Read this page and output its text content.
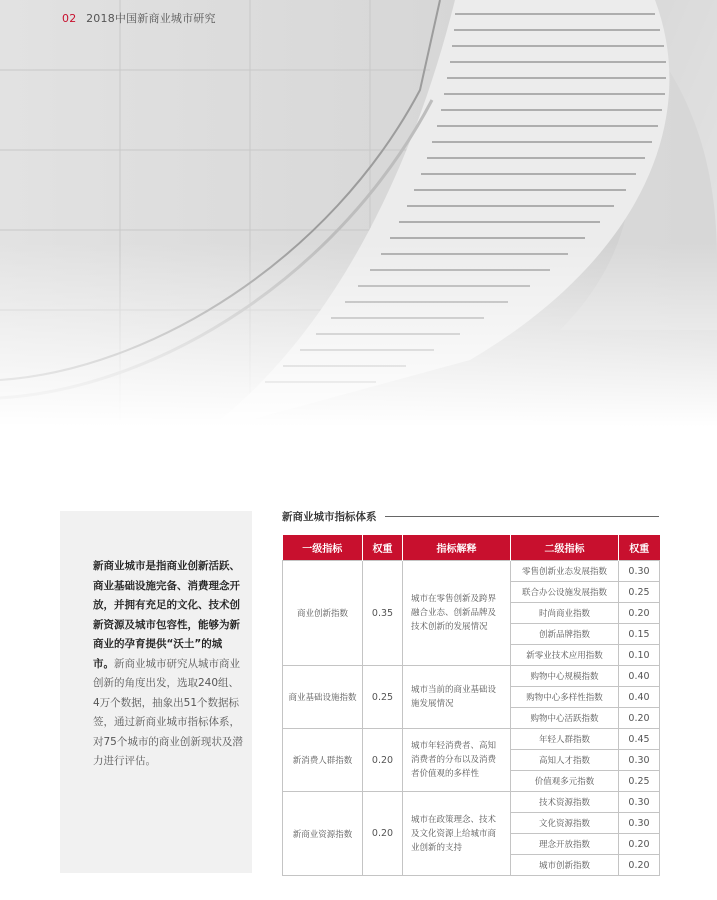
02 2018中国新商业城市研究

新商业城市是指商业创新活跃、商业基础设施完备、消费理念开放，并拥有充足的文化、技术创新资源及城市包容性，能够为新商业的孕育提供“沃土”的城市。新商业城市研究从城市商业创新的角度出发，选取240组、4万个数据，抽象出51个数据标签，通过新商业城市指标体系，对75个城市的商业创新现状及潜力进行评估。

新商业城市指标体系
一级指标	权重	指标解释	二级指标	权重
商业创新指数	0.35	城市在零售创新及跨界融合业态、创新品牌及技术创新的发展情况	零售创新业态发展指数	0.30
			联合办公设施发展指数	0.25
			时尚商业指数	0.20
			创新品牌指数	0.15
			新零业技术应用指数	0.10
商业基础设施指数	0.25	城市当前的商业基础设施发展情况	购物中心规模指数	0.40
			购物中心多样性指数	0.40
			购物中心活跃指数	0.20
新消费人群指数	0.20	城市年轻消费者、高知消费者的分布以及消费者价值观的多样性	年轻人群指数	0.45
			高知人才指数	0.30
			价值观多元指数	0.25
新商业资源指数	0.20	城市在政策理念、技术及文化资源上给城市商业创新的支持	技术资源指数	0.30
			文化资源指数	0.30
			理念开放指数	0.20
			城市创新指数	0.20
